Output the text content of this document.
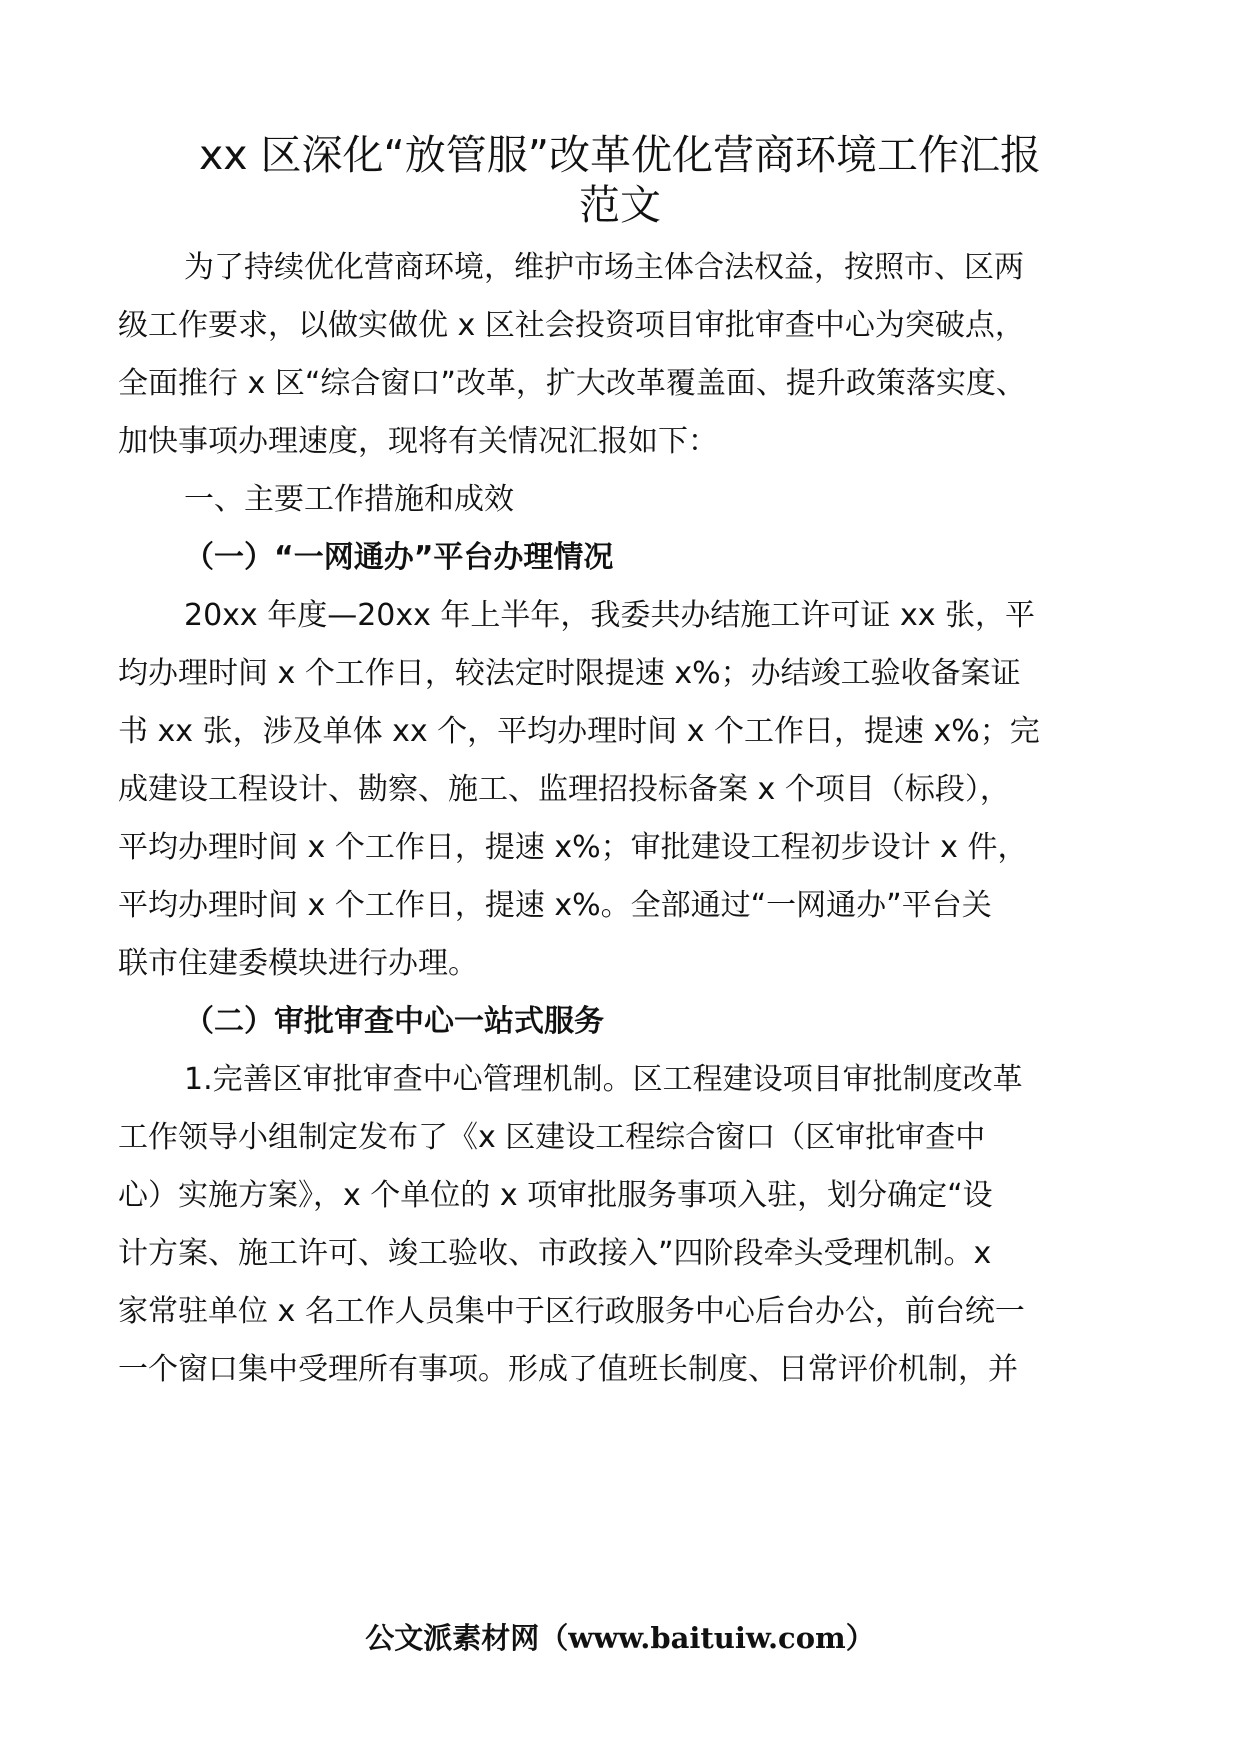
xx 区深化“放管服”改革优化营商环境工作汇报
范文
为了持续优化营商环境，维护市场主体合法权益，按照市、区两
级工作要求，以做实做优 x 区社会投资项目审批审查中心为突破点，
全面推行 x 区“综合窗口”改革，扩大改革覆盖面、提升政策落实度、
加快事项办理速度，现将有关情况汇报如下：
一、主要工作措施和成效
（一）“一网通办”平台办理情况
20xx 年度—20xx 年上半年，我委共办结施工许可证 xx 张，平
均办理时间 x 个工作日，较法定时限提速 x%；办结竣工验收备案证
书 xx 张，涉及单体 xx 个，平均办理时间 x 个工作日，提速 x%；完
成建设工程设计、勘察、施工、监理招投标备案 x 个项目（标段），
平均办理时间 x 个工作日，提速 x%；审批建设工程初步设计 x 件，
平均办理时间 x 个工作日，提速 x%。全部通过“一网通办”平台关
联市住建委模块进行办理。
（二）审批审查中心一站式服务
1.完善区审批审查中心管理机制。区工程建设项目审批制度改革
工作领导小组制定发布了《x 区建设工程综合窗口（区审批审查中
心）实施方案》，x 个单位的 x 项审批服务事项入驻，划分确定“设
计方案、施工许可、竣工验收、市政接入”四阶段牵头受理机制。x
家常驻单位 x 名工作人员集中于区行政服务中心后台办公，前台统一
一个窗口集中受理所有事项。形成了值班长制度、日常评价机制，并
公文派素材网（www.baituiw.com）
